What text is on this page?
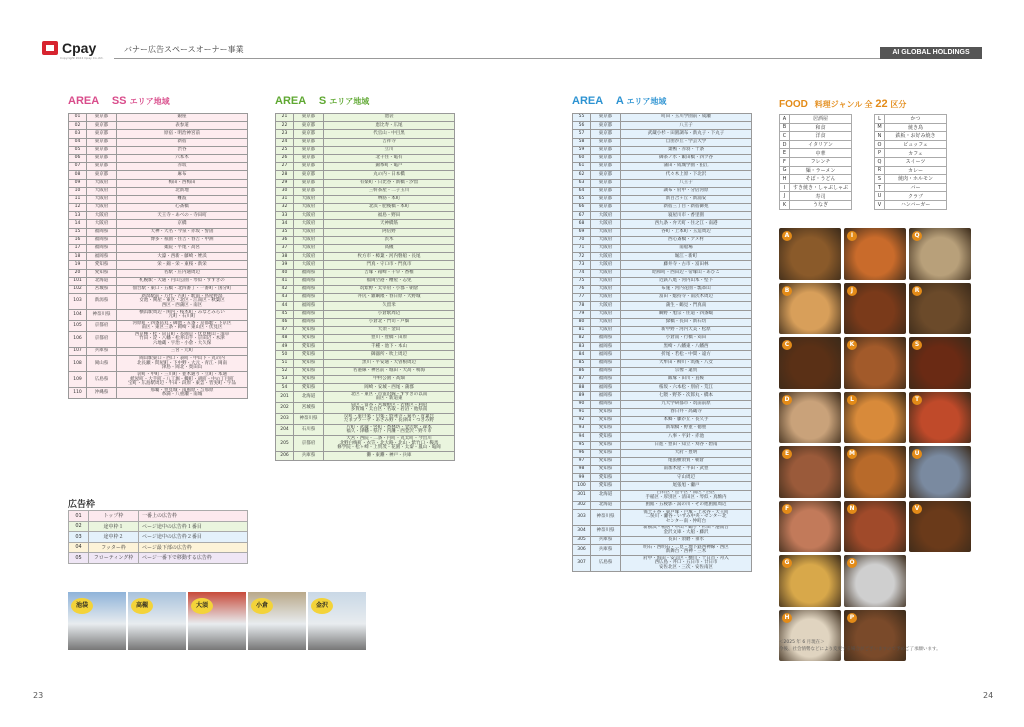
Cpay
Copyright 2024 Cpay Co.,ltd.
バナー広告スペースオーナー事業	AI GLOBAL HOLDINGS
AREA SS エリア地域
01	東京都	銀座
02	東京都	表参道
03	東京都	原宿・明治神宮前
04	東京都	新宿
05	東京都	渋谷
06	東京都	六本木
07	東京都	赤坂
08	東京都	麻布
09	大阪府	梅田・西梅田
10	大阪府	北新地
11	大阪府	難波
12	大阪府	心斎橋
13	大阪府	天王寺・あべの・寺田町
14	大阪府	京橋
15	福岡県	天神・大名・今泉・赤坂・警固
16	福岡県	博多・祇園・住吉・春吉・中洲
17	福岡県	薬院・平尾・高宮
18	福岡県	大濠・西新・藤崎・姪浜
19	愛知県	栄・錦・栄・東桜・新栄
20	愛知県	名駅・庄内通周辺
101	北海道	札幌駅・大通・円山公園・琴似・すすきの
102	宮城県	仙台駅・東口・五橋・北四番丁・一番町・国分町
103	新潟県	新潟駅前・万代・古町・駅南・鳥屋野潟
女池・関屋・東区・北区・江南区・秋葉区
西区・西蒲区・南区
104	神奈川県	横浜駅周辺・関内・桜木町・みなとみらい
元町・石川町
105	京都府	河原町・四条烏丸・御池・五条・京都駅・下京区
南区・東区三条・岡崎・東山区・伏見区
106	京都府	西京極・桂・向日町・長岡京・伏見桃山・深草
竹田・淀・八幡・松井山手・京田辺・木津
六地蔵・宇治・小倉・大久保
107	兵庫県	三宮・元町
108	岡山県	岡山駅東口・西口・表町・中山下・丸の内
北長瀬・問屋町・下中野・大元・青江・岡南
津島・岡北・奥田山
109	広島県	袋町・中町・三川町・並木通り・立町・本通
紙屋町・大手町・八丁堀・幟町・胡町・中の丁目町
宝町・広島駅周辺・牛田・段原・東雲・皆実町・宇品
110	沖縄県	那覇・豊見城・南風原・与那原
糸満・八重瀬・南城
AREA S エリア地域
21	東京都	池袋
22	東京都	恵比寿・広尾
23	東京都	代官山・中目黒
24	東京都	吉祥寺
25	東京都	立川
26	東京都	北千住・亀有
27	東京都	錦糸町・亀戸
28	東京都	丸の内・日本橋
29	東京都	有楽町・日比谷・新橋・汐留
30	東京都	三軒茶屋・二子玉川
31	大阪府	堺筋・本町
32	大阪府	北浜・肥後橋・本町
33	大阪府	福島・野田
34	大阪府	天神橋筋
35	大阪府	阿倍野
36	大阪府	茨木
37	大阪府	高槻
38	大阪府	枚方市・樟葉・河内磐船・長尾
39	大阪府	門真・守口市・門真市
40	福岡県	吉塚・箱崎・千早・香椎
41	福岡県	福岡空港・糟屋・志免
42	福岡県	筑紫野・太宰府・小郡・朝倉
43	福岡県	井尻・雑餉隈・春日原・大野城
44	福岡県	久留米
45	福岡県	小倉駅周辺
46	福岡県	小倉北・門司・戸畑
47	愛知県	大須・金山
48	愛知県	豊川・豊橋・田原
49	愛知県	千種・池下・本山
50	愛知県	御器所・吹上周辺
51	愛知県	黒川・平安通・大曽根周辺
52	愛知県	名港線・神宮前・堀田・大高・鳴海
53	愛知県	中村公園・高畑
54	愛知県	岡崎・安城・西尾・蒲郡
201	北海道	北区・東区・市電沿線・すすきの以南
南区・新道東
202	宮城県	泉区・富谷・宮城野区・若林区・利府
多賀城・太白区・名取・岩沼・他県南
203	神奈川県	反町・東白楽・白楽・妙蓮寺・菊名・青葉台
たまプラーザ・あざみ野・長津田・つきみ野
204	石川県	片町・武蔵・竪町・香林坊・金沢駅・森本
福久・津幡・県庁・内灘・西金沢・野々市
205	京都府	大宮・西院・二条・円町・丸太町・今出川
北野白梅町・衣笠・北大路・北山・紫竹口・鞍馬
修学院・松ヶ崎・上賀茂・花園・太秦・嵐山・亀岡
206	兵庫県	灘・東灘・神戸・兵庫
AREA A エリア地域
55	東京都	町田・玉川学園前・成瀬
56	東京都	八王子
57	東京都	武蔵小杉・田園調布・新丸子・下丸子
58	東京都	自由が丘・学芸大学
59	東京都	巣鴨・赤羽・十条
60	東京都	御茶ノ水・飯田橋・四ツ谷
61	東京都	蒲田・成城学園・狛江
62	東京都	代々木上原・下北沢
63	東京都	八王子
64	東京都	調布・府中・分倍河原
65	東京都	新百合ヶ丘・新浦安
66	東京都	新宿三丁目・新宿御苑
67	大阪府	寝屋川市・香里園
68	大阪府	西九条・弁天町・住之江・南港
69	大阪府	谷町・上本町・玉造周辺
70	大阪府	西心斎橋・アメ村
71	大阪府	南船場
72	大阪府	堀江・新町
73	大阪府	藤井寺・古市・富田林
74	大阪府	昭和町・西田辺・帝塚山・あびこ
75	大阪府	近鉄八尾・河内山本・堅下
76	大阪府	布施・河内花園・瓢箪山
77	大阪府	富田・総持寺・南茨木周辺
78	大阪府	蒲生・鶴見・門真南
79	大阪府	瞬野・旭宗・住道・四条畷
80	大阪府	緑橋・長田・新石切
81	大阪府	新中野・河内天美・松原
82	福岡県	小倉南・行橋・苅田
83	福岡県	黒崎・八幡東・八幡西
84	福岡県	折尾・若松・中間・遠方
85	福岡県	大牟田・柳川・筑後・八女
86	福岡県	宗像・遠賀
87	福岡県	飯塚・田川・直鞍
88	福岡県	桜坂・六本松・別府・荒江
89	福岡県	七隈・野芥・次郎丸・橋本
90	福岡県	九大学研都市・筑前前原
91	愛知県	春日井・高蔵寺
92	愛知県	本郷・藤が丘・長久手
93	愛知県	新瑞橋・野並・徳重
94	愛知県	八事・平針・赤池
95	愛知県	日進・豊田・知立・刈谷・碧南
96	愛知県	大府・豊明
97	愛知県	尾張横須賀・朝倉
98	愛知県	南加木屋・半田・武豊
99	愛知県	守山周辺
100	愛知県	尾張旭・瀬戸
301	北海道	白石区・豊平区・南区・西区
手稲区・厚別区・清田区・琴似・真駒内
302	北海道	函館・五稜郭・湯の川・その他函館周辺
303	神奈川県	保土ヶ谷・東戸塚・戸塚・上永谷・天王町
二俣川・瀬谷・いずみ中央・センター北
センター南・仲町台
304	神奈川県	新横浜・鴨居・中山・鶴子・杉田・港南台
金沢文庫・大船・藤沢
305	兵庫県	長田・須磨・垂水
306	兵庫県	明石・西明石・二見・地下鉄西神線・西区
新舞台・西神・三木
307	広島県	府中・海田・安芸区・横川・十日市・舟入
西広島・井口・五日市・廿日市
安佐北区・三次・安佐南区
広告枠
01	トップ枠	一番上の広告枠
02	途中枠１	ページ途中の広告枠１番目
03	途中枠２	ページ途中の広告枠２番目
04	フッター枠	ページ最下部の広告枠
05	フローティング枠	ページ一番下で移動する広告枠
池袋	高槻	大須	小倉	金沢
FOOD 料理ジャンル 全 22 区分
A	居酒屋
B	和食
C	洋食
D	イタリアン
E	中華
F	フレンチ
G	麺・ラーメン
H	そば・うどん
I	すき焼き・しゃぶしゃぶ
J	寿司
K	うなぎ
L	かつ
M	焼き鳥
N	鉄板・お好み焼き
O	ビュッフェ
P	カフェ
Q	スイーツ
R	カレー
S	焼肉・ホルモン
T	バー
U	クラブ
V	ハンバーガー
A	I	Q
B	J	R
C	K	S
D	L	T
E	M	U
F	N	V
G	O
H	P
＜2025 年 6 月現在＞
今後、社会情勢などにより変更する場合がございますので予めご了承願います。
23	24
